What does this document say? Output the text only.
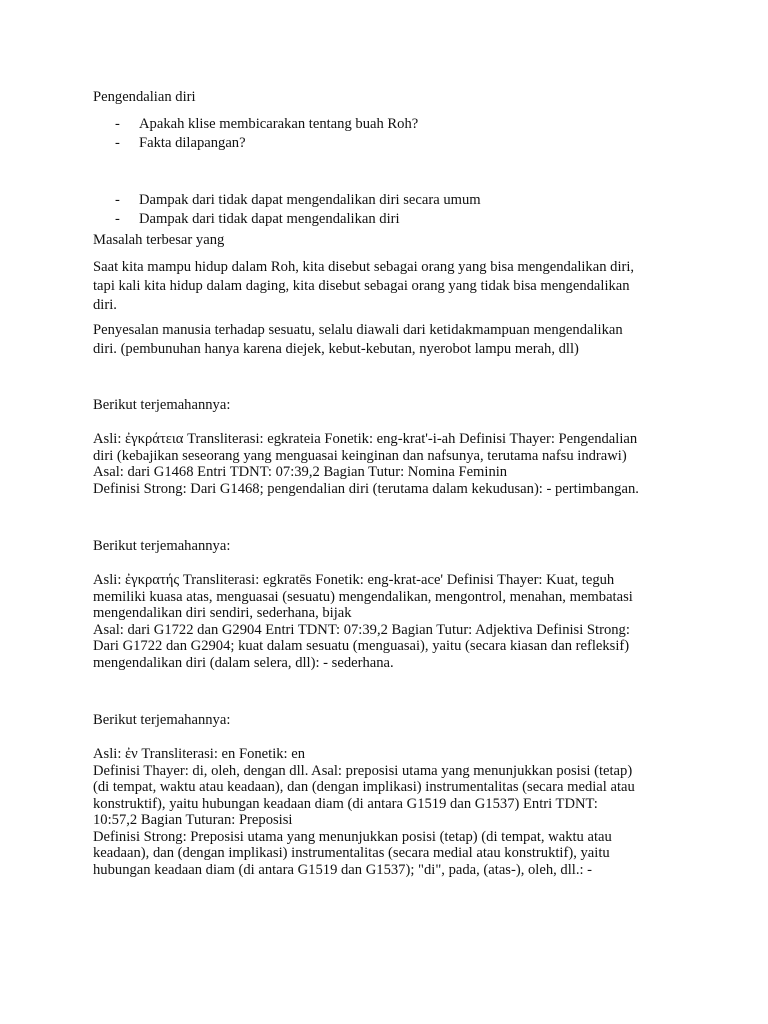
Pengendalian diri
- Apakah klise membicarakan tentang buah Roh?
- Fakta dilapangan?
- Dampak dari tidak dapat mengendalikan diri secara umum
- Dampak dari tidak dapat mengendalikan diri
Masalah terbesar yang
Saat kita mampu hidup dalam Roh, kita disebut sebagai orang yang bisa mengendalikan diri,
tapi kali kita hidup dalam daging, kita disebut sebagai orang yang tidak bisa mengendalikan
diri.
Penyesalan manusia terhadap sesuatu, selalu diawali dari ketidakmampuan mengendalikan
diri. (pembunuhan hanya karena diejek, kebut-kebutan, nyerobot lampu merah, dll)
Berikut terjemahannya:
Asli: ἐγκράτεια Transliterasi: egkrateia Fonetik: eng-krat'-i-ah Definisi Thayer: Pengendalian
diri (kebajikan seseorang yang menguasai keinginan dan nafsunya, terutama nafsu indrawi)
Asal: dari G1468 Entri TDNT: 07:39,2 Bagian Tutur: Nomina Feminin
Definisi Strong: Dari G1468; pengendalian diri (terutama dalam kekudusan): - pertimbangan.
Berikut terjemahannya:
Asli: ἐγκρατής Transliterasi: egkratēs Fonetik: eng-krat-ace' Definisi Thayer: Kuat, teguh
memiliki kuasa atas, menguasai (sesuatu) mengendalikan, mengontrol, menahan, membatasi
mengendalikan diri sendiri, sederhana, bijak
Asal: dari G1722 dan G2904 Entri TDNT: 07:39,2 Bagian Tutur: Adjektiva Definisi Strong:
Dari G1722 dan G2904; kuat dalam sesuatu (menguasai), yaitu (secara kiasan dan refleksif)
mengendalikan diri (dalam selera, dll): - sederhana.
Berikut terjemahannya:
Asli: ἐν Transliterasi: en Fonetik: en
Definisi Thayer: di, oleh, dengan dll. Asal: preposisi utama yang menunjukkan posisi (tetap)
(di tempat, waktu atau keadaan), dan (dengan implikasi) instrumentalitas (secara medial atau
konstruktif), yaitu hubungan keadaan diam (di antara G1519 dan G1537) Entri TDNT:
10:57,2 Bagian Tuturan: Preposisi
Definisi Strong: Preposisi utama yang menunjukkan posisi (tetap) (di tempat, waktu atau
keadaan), dan (dengan implikasi) instrumentalitas (secara medial atau konstruktif), yaitu
hubungan keadaan diam (di antara G1519 dan G1537); "di", pada, (atas-), oleh, dll.: -
